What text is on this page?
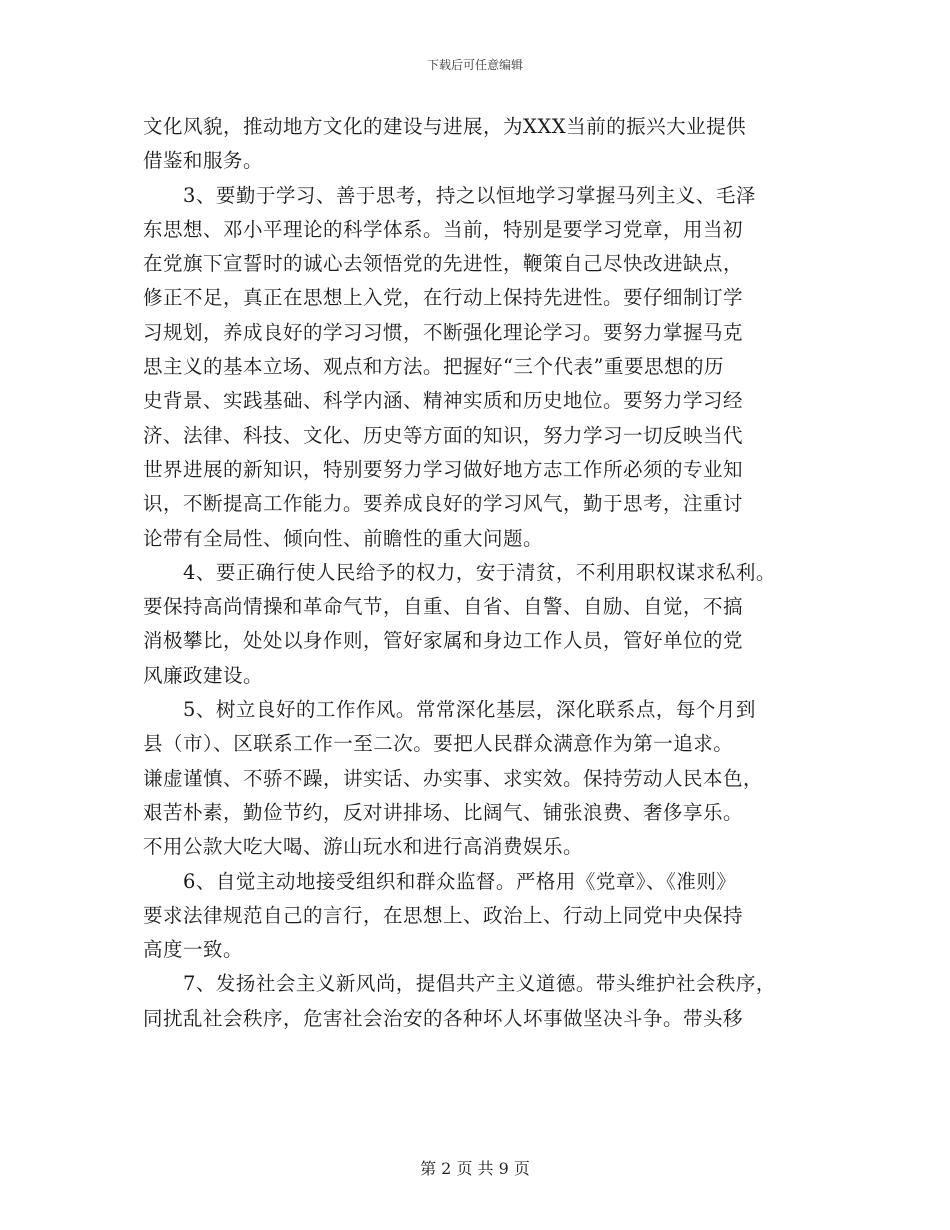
下载后可任意编辑
文化风貌，推动地方文化的建设与进展，为XXX当前的振兴大业提供
借鉴和服务。
　　3、要勤于学习、善于思考，持之以恒地学习掌握马列主义、毛泽
东思想、邓小平理论的科学体系。当前，特别是要学习党章，用当初
在党旗下宣誓时的诚心去领悟党的先进性，鞭策自己尽快改进缺点，
修正不足，真正在思想上入党，在行动上保持先进性。要仔细制订学
习规划，养成良好的学习习惯，不断强化理论学习。要努力掌握马克
思主义的基本立场、观点和方法。把握好“三个代表”重要思想的历
史背景、实践基础、科学内涵、精神实质和历史地位。要努力学习经
济、法律、科技、文化、历史等方面的知识，努力学习一切反映当代
世界进展的新知识，特别要努力学习做好地方志工作所必须的专业知
识，不断提高工作能力。要养成良好的学习风气，勤于思考，注重讨
论带有全局性、倾向性、前瞻性的重大问题。
　　4、要正确行使人民给予的权力，安于清贫，不利用职权谋求私利。
要保持高尚情操和革命气节，自重、自省、自警、自励、自觉，不搞
消极攀比，处处以身作则，管好家属和身边工作人员，管好单位的党
风廉政建设。
　　5、树立良好的工作作风。常常深化基层，深化联系点，每个月到
县（市）、区联系工作一至二次。要把人民群众满意作为第一追求。
谦虚谨慎、不骄不躁，讲实话、办实事、求实效。保持劳动人民本色，
艰苦朴素，勤俭节约，反对讲排场、比阔气、铺张浪费、奢侈享乐。
不用公款大吃大喝、游山玩水和进行高消费娱乐。
　　6、自觉主动地接受组织和群众监督。严格用《党章》、《准则》
要求法律规范自己的言行，在思想上、政治上、行动上同党中央保持
高度一致。
　　7、发扬社会主义新风尚，提倡共产主义道德。带头维护社会秩序，
同扰乱社会秩序，危害社会治安的各种坏人坏事做坚决斗争。带头移
第 2 页 共 9 页
